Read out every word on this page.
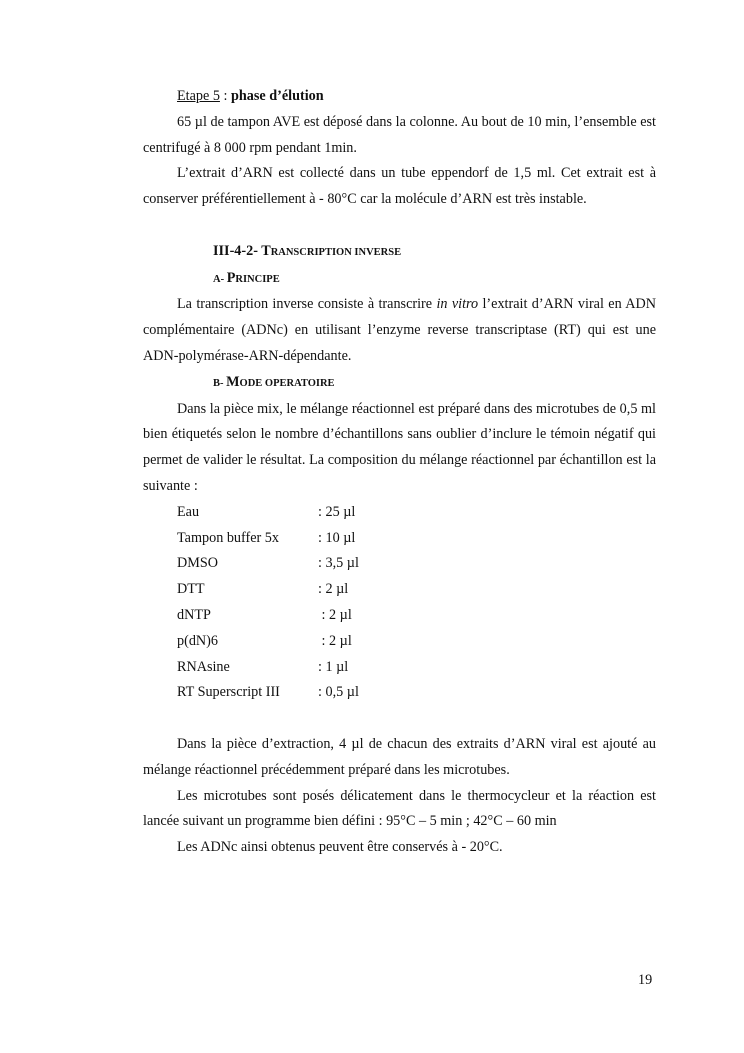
Etape 5 : phase d’élution

65 µl de tampon AVE est déposé dans la colonne. Au bout de 10 min, l’ensemble est centrifugé à 8 000 rpm pendant 1min.

L’extrait d’ARN est collecté dans un tube eppendorf de 1,5 ml. Cet extrait est à conserver préférentiellement à - 80°C car la molécule d’ARN est très instable.

III-4-2- TRANSCRIPTION INVERSE

A- PRINCIPE

La transcription inverse consiste à transcrire in vitro l’extrait d’ARN viral en ADN complémentaire (ADNc) en utilisant l’enzyme reverse transcriptase (RT) qui est une ADN-polymérase-ARN-dépendante.

B- MODE OPERATOIRE

Dans la pièce mix, le mélange réactionnel est préparé dans des microtubes de 0,5 ml bien étiquetés selon le nombre d’échantillons sans oublier d’inclure le témoin négatif qui permet de valider le résultat. La composition du mélange réactionnel par échantillon est la suivante :

Eau	: 25 µl
Tampon buffer 5x	: 10 µl
DMSO	: 3,5 µl
DTT	: 2 µl
dNTP	: 2 µl
p(dN)6	: 2 µl
RNAsine	: 1 µl
RT Superscript III	: 0,5 µl

Dans la pièce d’extraction, 4 µl de chacun des extraits d’ARN viral est ajouté au mélange réactionnel précédemment préparé dans les microtubes.

Les microtubes sont posés délicatement dans le thermocycleur et la réaction est lancée suivant un programme bien défini : 95°C – 5 min ; 42°C – 60 min

Les ADNc ainsi obtenus peuvent être conservés à - 20°C.

19
